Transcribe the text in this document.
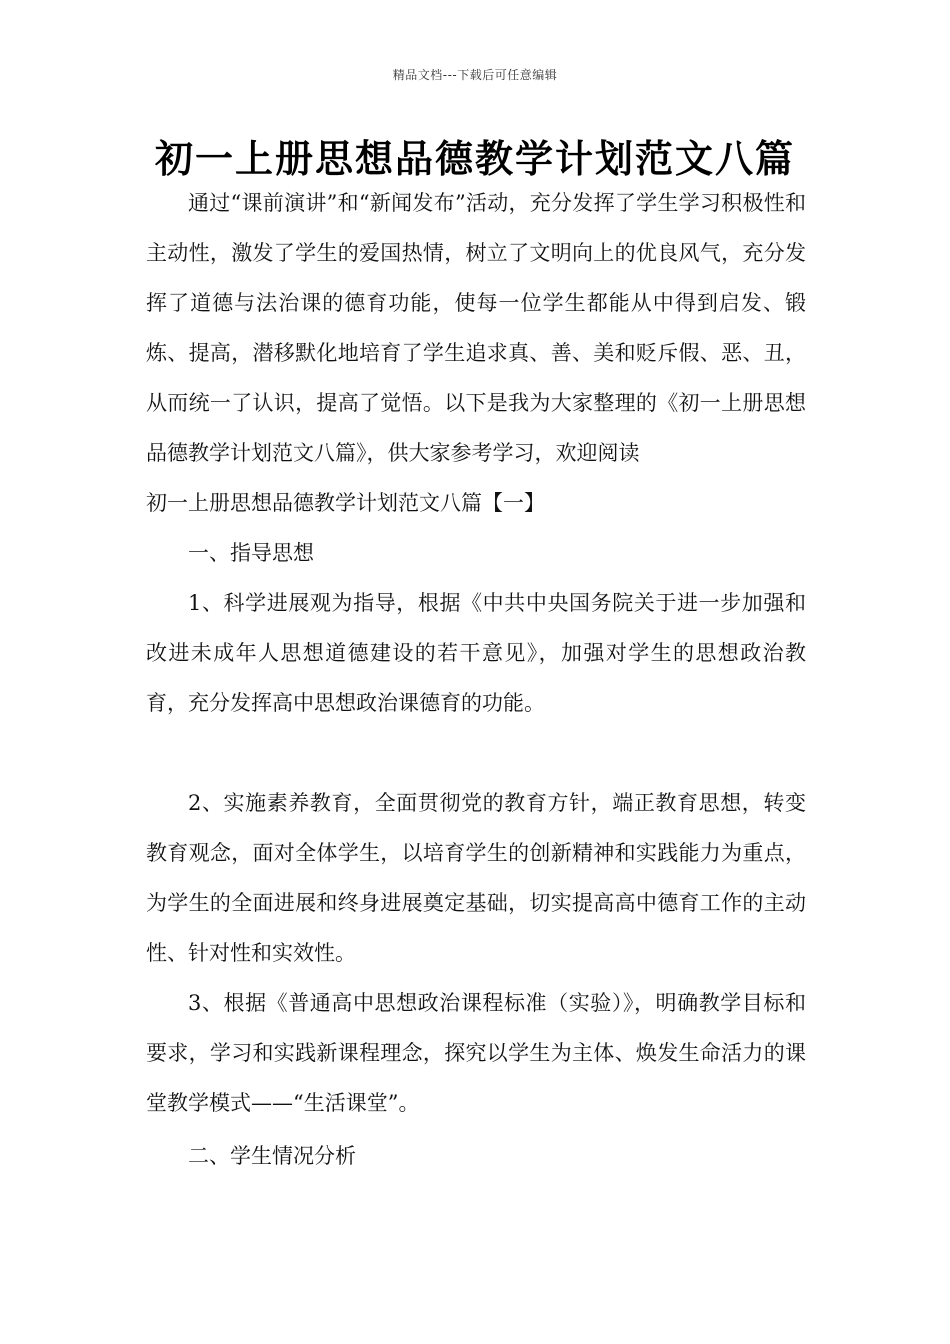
精品文档---下载后可任意编辑
初一上册思想品德教学计划范文八篇

通过“课前演讲”和“新闻发布”活动，充分发挥了学生学习积极性和主动性，激发了学生的爱国热情，树立了文明向上的优良风气，充分发挥了道德与法治课的德育功能，使每一位学生都能从中得到启发、锻炼、提高，潜移默化地培育了学生追求真、善、美和贬斥假、恶、丑，从而统一了认识，提高了觉悟。以下是我为大家整理的《初一上册思想品德教学计划范文八篇》，供大家参考学习，欢迎阅读

初一上册思想品德教学计划范文八篇【一】

一、指导思想

1、科学进展观为指导，根据《中共中央国务院关于进一步加强和改进未成年人思想道德建设的若干意见》，加强对学生的思想政治教育，充分发挥高中思想政治课德育的功能。

2、实施素养教育，全面贯彻党的教育方针，端正教育思想，转变教育观念，面对全体学生，以培育学生的创新精神和实践能力为重点，为学生的全面进展和终身进展奠定基础，切实提高高中德育工作的主动性、针对性和实效性。

3、根据《普通高中思想政治课程标准（实验）》，明确教学目标和要求，学习和实践新课程理念，探究以学生为主体、焕发生命活力的课堂教学模式——“生活课堂”。

二、学生情况分析
